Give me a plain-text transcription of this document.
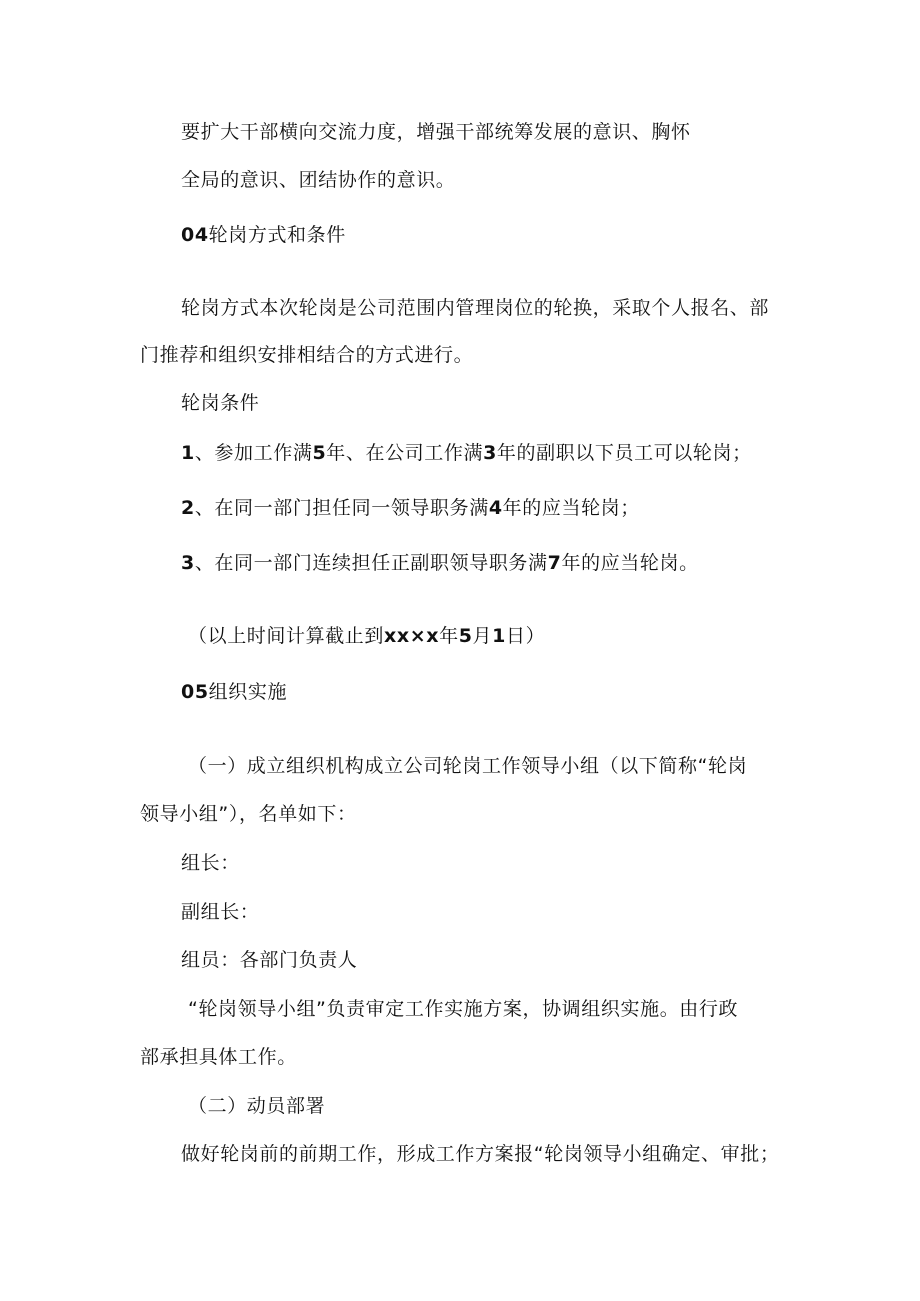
要扩大干部横向交流力度，增强干部统筹发展的意识、胸怀
全局的意识、团结协作的意识。
04轮岗方式和条件
轮岗方式本次轮岗是公司范围内管理岗位的轮换，采取个人报名、部
门推荐和组织安排相结合的方式进行。
轮岗条件
1、参加工作满5年、在公司工作满3年的副职以下员工可以轮岗；
2、在同一部门担任同一领导职务满4年的应当轮岗；
3、在同一部门连续担任正副职领导职务满7年的应当轮岗。
（以上时间计算截止到xx×x年5月1日）
05组织实施
（一）成立组织机构成立公司轮岗工作领导小组（以下简称“轮岗
领导小组”），名单如下：
组长：
副组长：
组员：各部门负责人
“轮岗领导小组”负责审定工作实施方案，协调组织实施。由行政
部承担具体工作。
（二）动员部署
做好轮岗前的前期工作，形成工作方案报“轮岗领导小组确定、审批；
